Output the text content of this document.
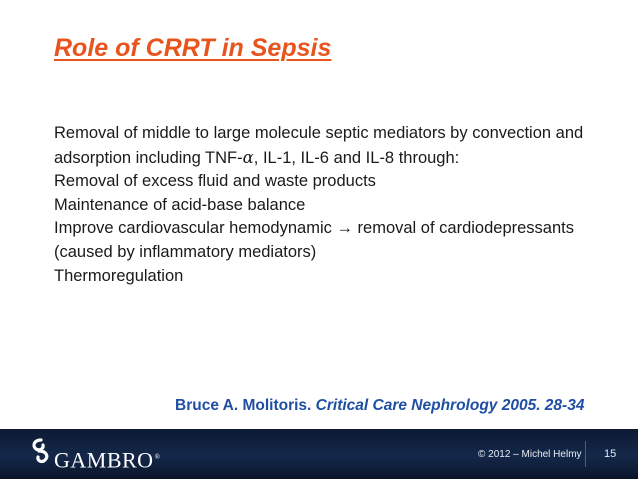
Role of CRRT in Sepsis

Removal of middle to large molecule septic mediators by convection and adsorption including TNF-α, IL-1, IL-6 and IL-8 through:

Removal of excess fluid and waste products

Maintenance of acid-base balance

Improve cardiovascular hemodynamic → removal of cardiodepressants (caused by inflammatory mediators)

Thermoregulation

Bruce A. Molitoris. Critical Care Nephrology 2005. 28-34
GAMBRO®	© 2012 – Michel Helmy 15
